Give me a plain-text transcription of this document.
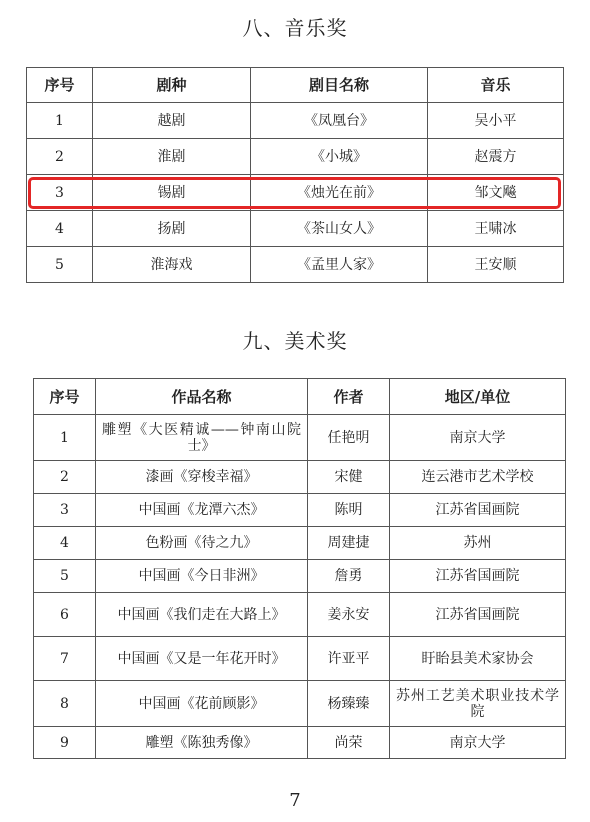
八、音乐奖
序号	剧种	剧目名称	音乐
1	越剧	《凤凰台》	吴小平
2	淮剧	《小城》	赵震方
3	锡剧	《烛光在前》	邹文飚
4	扬剧	《茶山女人》	王啸冰
5	淮海戏	《孟里人家》	王安顺
九、美术奖
序号	作品名称	作者	地区/单位
1	雕塑《大医精诚——钟南山院士》	任艳明	南京大学
2	漆画《穿梭幸福》	宋健	连云港市艺术学校
3	中国画《龙潭六杰》	陈明	江苏省国画院
4	色粉画《待之九》	周建捷	苏州
5	中国画《今日非洲》	詹勇	江苏省国画院
6	中国画《我们走在大路上》	姜永安	江苏省国画院
7	中国画《又是一年花开时》	许亚平	盱眙县美术家协会
8	中国画《花前顾影》	杨臻臻	苏州工艺美术职业技术学院
9	雕塑《陈独秀像》	尚荣	南京大学
7
